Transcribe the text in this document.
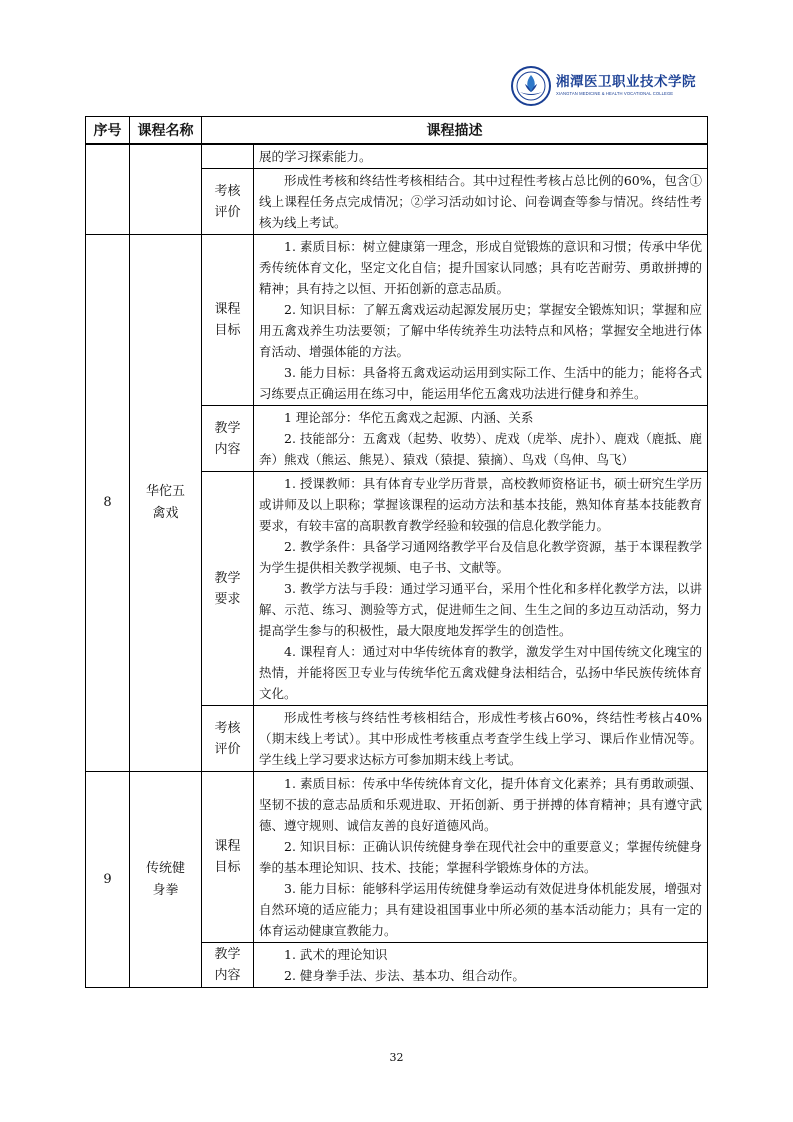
湘潭医卫职业技术学院
XIANGTAN MEDICINE & HEALTH VOCATIONAL COLLEGE
序号	课程名称	课程描述	

			展的学习探索能力。

		考核评价	形成性考核和终结性考核相结合。其中过程性考核占总比例的60%，包含①线上课程任务点完成情况；②学习活动如讨论、问卷调查等参与情况。终结性考核为线上考试。

8	华佗五禽戏	课程目标	1. 素质目标：树立健康第一理念，形成自觉锻炼的意识和习惯；传承中华优秀传统体育文化，坚定文化自信；提升国家认同感；具有吃苦耐劳、勇敢拼搏的精神；具有持之以恒、开拓创新的意志品质。

2. 知识目标：了解五禽戏运动起源发展历史；掌握安全锻炼知识；掌握和应用五禽戏养生功法要领；了解中华传统养生功法特点和风格；掌握安全地进行体育活动、增强体能的方法。

3. 能力目标：具备将五禽戏运动运用到实际工作、生活中的能力；能将各式习练要点正确运用在练习中，能运用华佗五禽戏功法进行健身和养生。

		教学内容	1 理论部分：华佗五禽戏之起源、内涵、关系

2. 技能部分：五禽戏（起势、收势）、虎戏（虎举、虎扑）、鹿戏（鹿抵、鹿奔）熊戏（熊运、熊晃）、猿戏（猿提、猿摘）、鸟戏（鸟伸、鸟飞）

		教学要求	1. 授课教师：具有体育专业学历背景，高校教师资格证书，硕士研究生学历或讲师及以上职称；掌握该课程的运动方法和基本技能，熟知体育基本技能教育要求，有较丰富的高职教育教学经验和较强的信息化教学能力。

2. 教学条件：具备学习通网络教学平台及信息化教学资源，基于本课程教学为学生提供相关教学视频、电子书、文献等。

3. 教学方法与手段：通过学习通平台，采用个性化和多样化教学方法，以讲解、示范、练习、测验等方式，促进师生之间、生生之间的多边互动活动，努力提高学生参与的积极性，最大限度地发挥学生的创造性。

4. 课程育人：通过对中华传统体育的教学，激发学生对中国传统文化瑰宝的热情，并能将医卫专业与传统华佗五禽戏健身法相结合，弘扬中华民族传统体育文化。

		考核评价	形成性考核与终结性考核相结合，形成性考核占60%，终结性考核占40%（期末线上考试）。其中形成性考核重点考查学生线上学习、课后作业情况等。学生线上学习要求达标方可参加期末线上考试。

9	传统健身拳	课程目标	1. 素质目标：传承中华传统体育文化，提升体育文化素养；具有勇敢顽强、坚韧不拔的意志品质和乐观进取、开拓创新、勇于拼搏的体育精神；具有遵守武德、遵守规则、诚信友善的良好道德风尚。

2. 知识目标：正确认识传统健身拳在现代社会中的重要意义；掌握传统健身拳的基本理论知识、技术、技能；掌握科学锻炼身体的方法。

3. 能力目标：能够科学运用传统健身拳运动有效促进身体机能发展，增强对自然环境的适应能力；具有建设祖国事业中所必须的基本活动能力；具有一定的体育运动健康宣教能力。

		教学内容	1. 武术的理论知识

2. 健身拳手法、步法、基本功、组合动作。

32
